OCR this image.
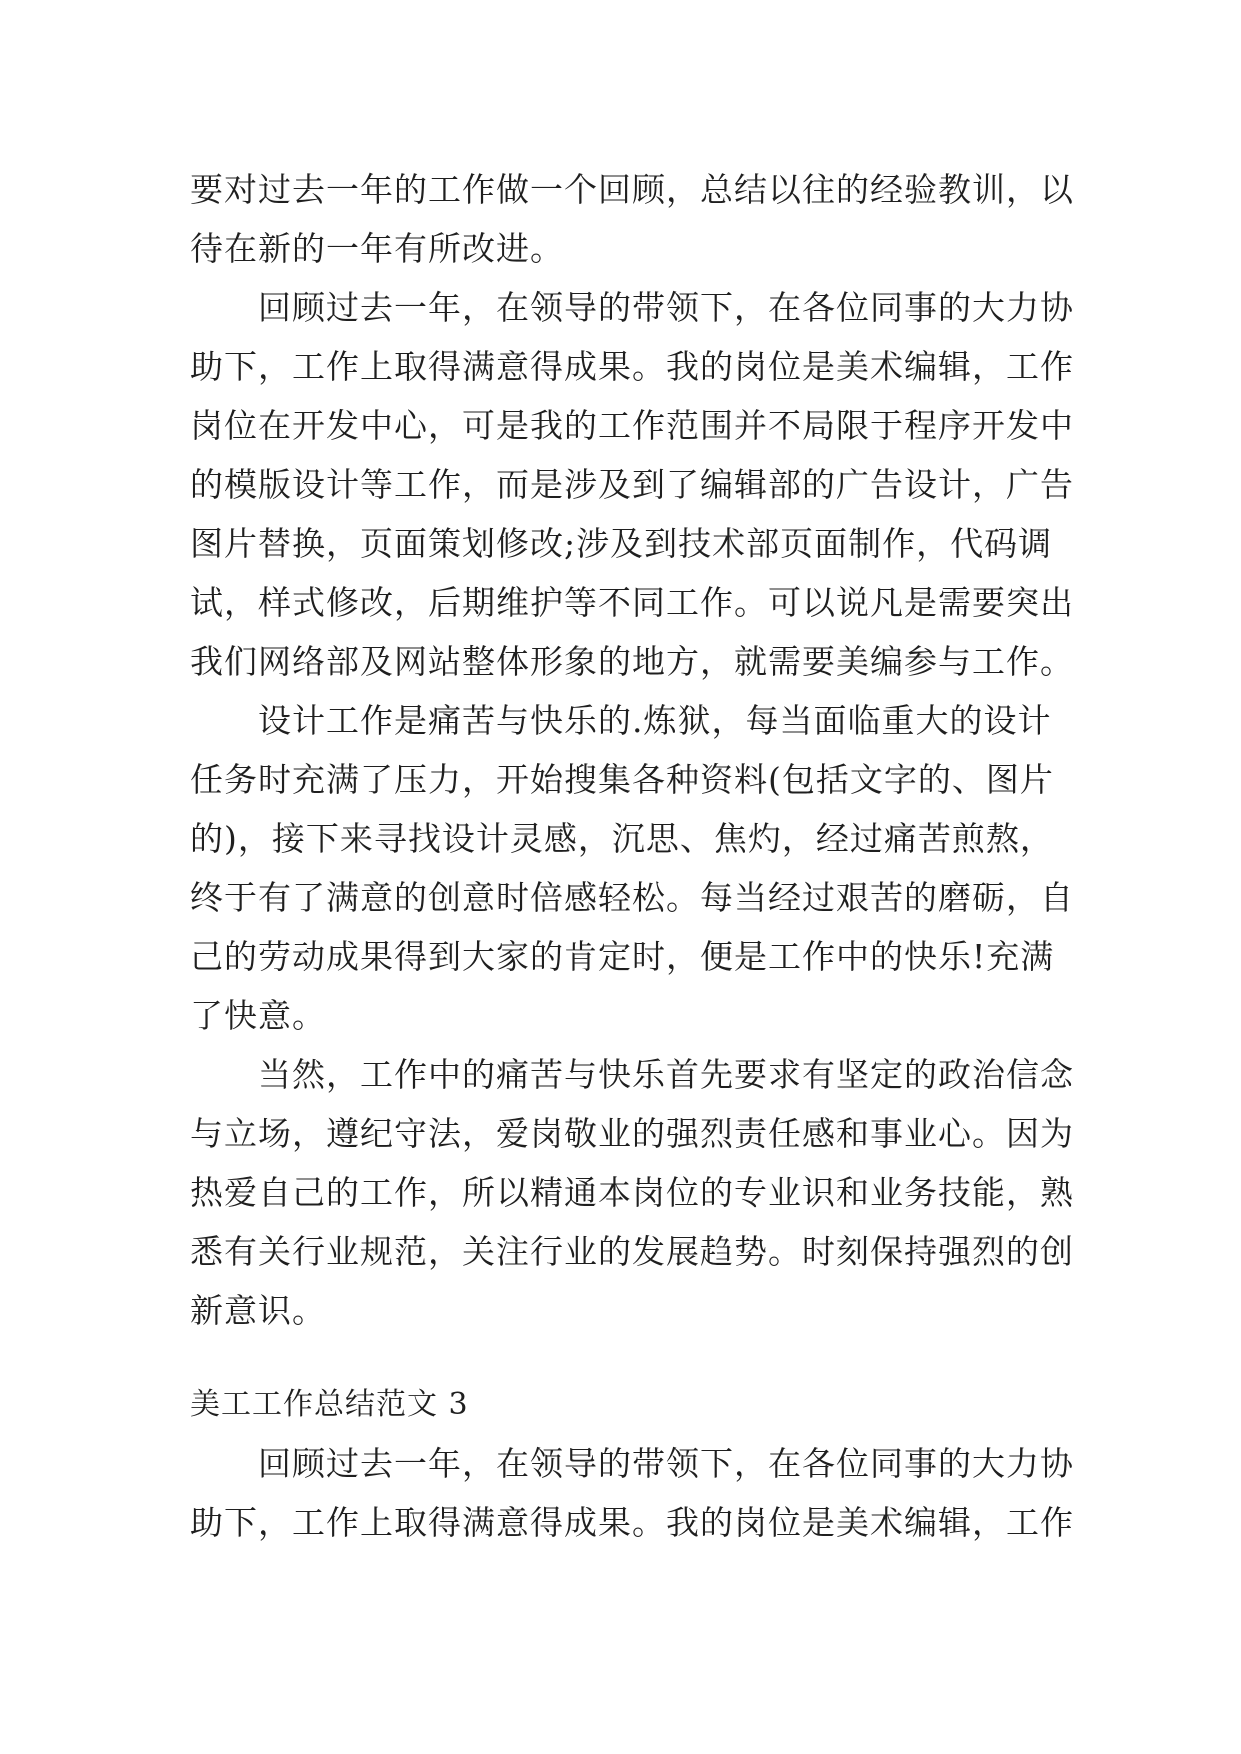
要对过去一年的工作做一个回顾，总结以往的经验教训，以
待在新的一年有所改进。
回顾过去一年，在领导的带领下，在各位同事的大力协
助下，工作上取得满意得成果。我的岗位是美术编辑，工作
岗位在开发中心，可是我的工作范围并不局限于程序开发中
的模版设计等工作，而是涉及到了编辑部的广告设计，广告
图片替换，页面策划修改;涉及到技术部页面制作，代码调
试，样式修改，后期维护等不同工作。可以说凡是需要突出
我们网络部及网站整体形象的地方，就需要美编参与工作。
设计工作是痛苦与快乐的.炼狱，每当面临重大的设计
任务时充满了压力，开始搜集各种资料(包括文字的、图片
的)，接下来寻找设计灵感，沉思、焦灼，经过痛苦煎熬，
终于有了满意的创意时倍感轻松。每当经过艰苦的磨砺，自
己的劳动成果得到大家的肯定时，便是工作中的快乐!充满
了快意。
当然，工作中的痛苦与快乐首先要求有坚定的政治信念
与立场，遵纪守法，爱岗敬业的强烈责任感和事业心。因为
热爱自己的工作，所以精通本岗位的专业识和业务技能，熟
悉有关行业规范，关注行业的发展趋势。时刻保持强烈的创
新意识。
美工工作总结范文 3
回顾过去一年，在领导的带领下，在各位同事的大力协
助下，工作上取得满意得成果。我的岗位是美术编辑，工作
